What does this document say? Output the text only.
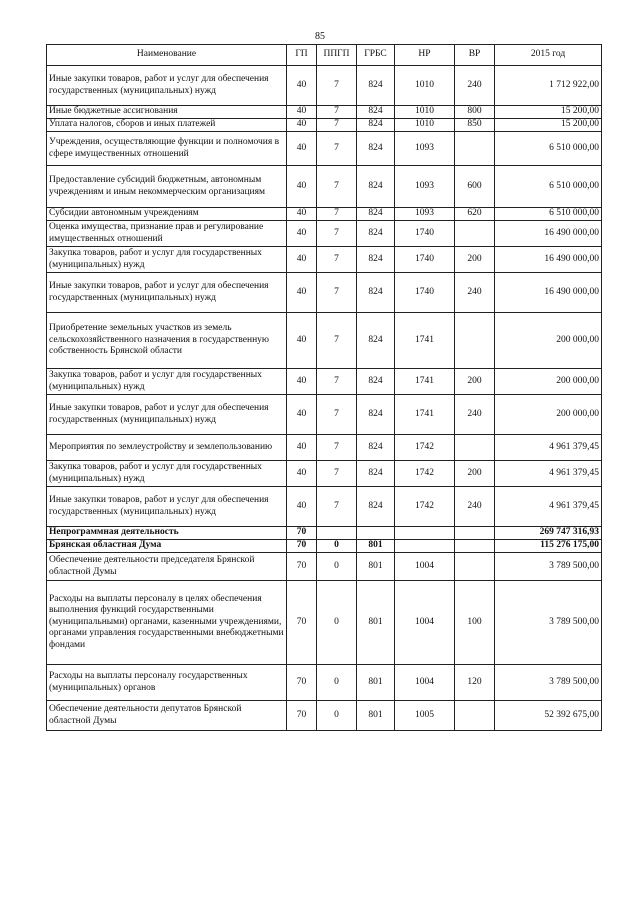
85
Наименование	ГП	ППГП	ГРБС	НР	ВР	2015 год
Иные закупки товаров, работ и услуг для обеспечения государственных (муниципальных) нужд	40	7	824	1010	240	1 712 922,00
Иные бюджетные ассигнования	40	7	824	1010	800	15 200,00
Уплата налогов, сборов и иных платежей	40	7	824	1010	850	15 200,00
Учреждения, осуществляющие функции и полномочия в сфере имущественных отношений	40	7	824	1093		6 510 000,00
Предоставление субсидий бюджетным, автономным учреждениям и иным некоммерческим организациям	40	7	824	1093	600	6 510 000,00
Субсидии автономным учреждениям	40	7	824	1093	620	6 510 000,00
Оценка имущества, признание прав и регулирование имущественных отношений	40	7	824	1740		16 490 000,00
Закупка товаров, работ и услуг для государственных (муниципальных) нужд	40	7	824	1740	200	16 490 000,00
Иные закупки товаров, работ и услуг для обеспечения государственных (муниципальных) нужд	40	7	824	1740	240	16 490 000,00
Приобретение земельных участков из земель сельскохозяйственного назначения в государственную собственность Брянской области	40	7	824	1741		200 000,00
Закупка товаров, работ и услуг для государственных (муниципальных) нужд	40	7	824	1741	200	200 000,00
Иные закупки товаров, работ и услуг для обеспечения государственных (муниципальных) нужд	40	7	824	1741	240	200 000,00
Мероприятия по землеустройству и землепользованию	40	7	824	1742		4 961 379,45
Закупка товаров, работ и услуг для государственных (муниципальных) нужд	40	7	824	1742	200	4 961 379,45
Иные закупки товаров, работ и услуг для обеспечения государственных (муниципальных) нужд	40	7	824	1742	240	4 961 379,45
Непрограммная деятельность	70					269 747 316,93
Брянская областная Дума	70	0	801			115 276 175,00
Обеспечение деятельности председателя Брянской областной Думы	70	0	801	1004		3 789 500,00
Расходы на выплаты персоналу в целях обеспечения выполнения функций государственными (муниципальными) органами, казенными учреждениями, органами управления государственными внебюджетными фондами	70	0	801	1004	100	3 789 500,00
Расходы на выплаты персоналу государственных (муниципальных) органов	70	0	801	1004	120	3 789 500,00
Обеспечение деятельности депутатов Брянской областной Думы	70	0	801	1005		52 392 675,00
